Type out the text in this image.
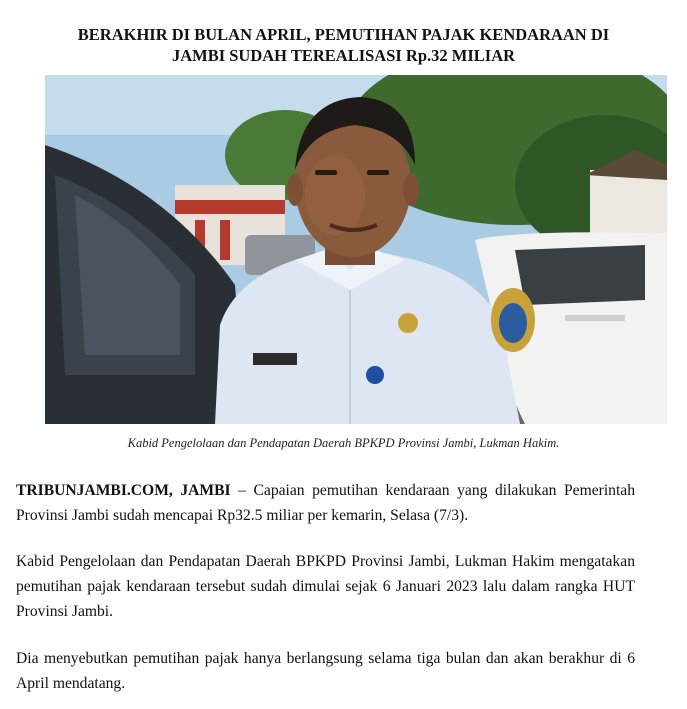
BERAKHIR DI BULAN APRIL, PEMUTIHAN PAJAK KENDARAAN DI
JAMBI SUDAH TEREALISASI Rp.32 MILIAR

Kabid Pengelolaan dan Pendapatan Daerah BPKPD Provinsi Jambi, Lukman Hakim.

TRIBUNJAMBI.COM, JAMBI – Capaian pemutihan kendaraan yang dilakukan Pemerintah Provinsi Jambi sudah mencapai Rp32.5 miliar per kemarin, Selasa (7/3).

Kabid Pengelolaan dan Pendapatan Daerah BPKPD Provinsi Jambi, Lukman Hakim mengatakan pemutihan pajak kendaraan tersebut sudah dimulai sejak 6 Januari 2023 lalu dalam rangka HUT Provinsi Jambi.

Dia menyebutkan pemutihan pajak hanya berlangsung selama tiga bulan dan akan berakhur di 6 April mendatang.
